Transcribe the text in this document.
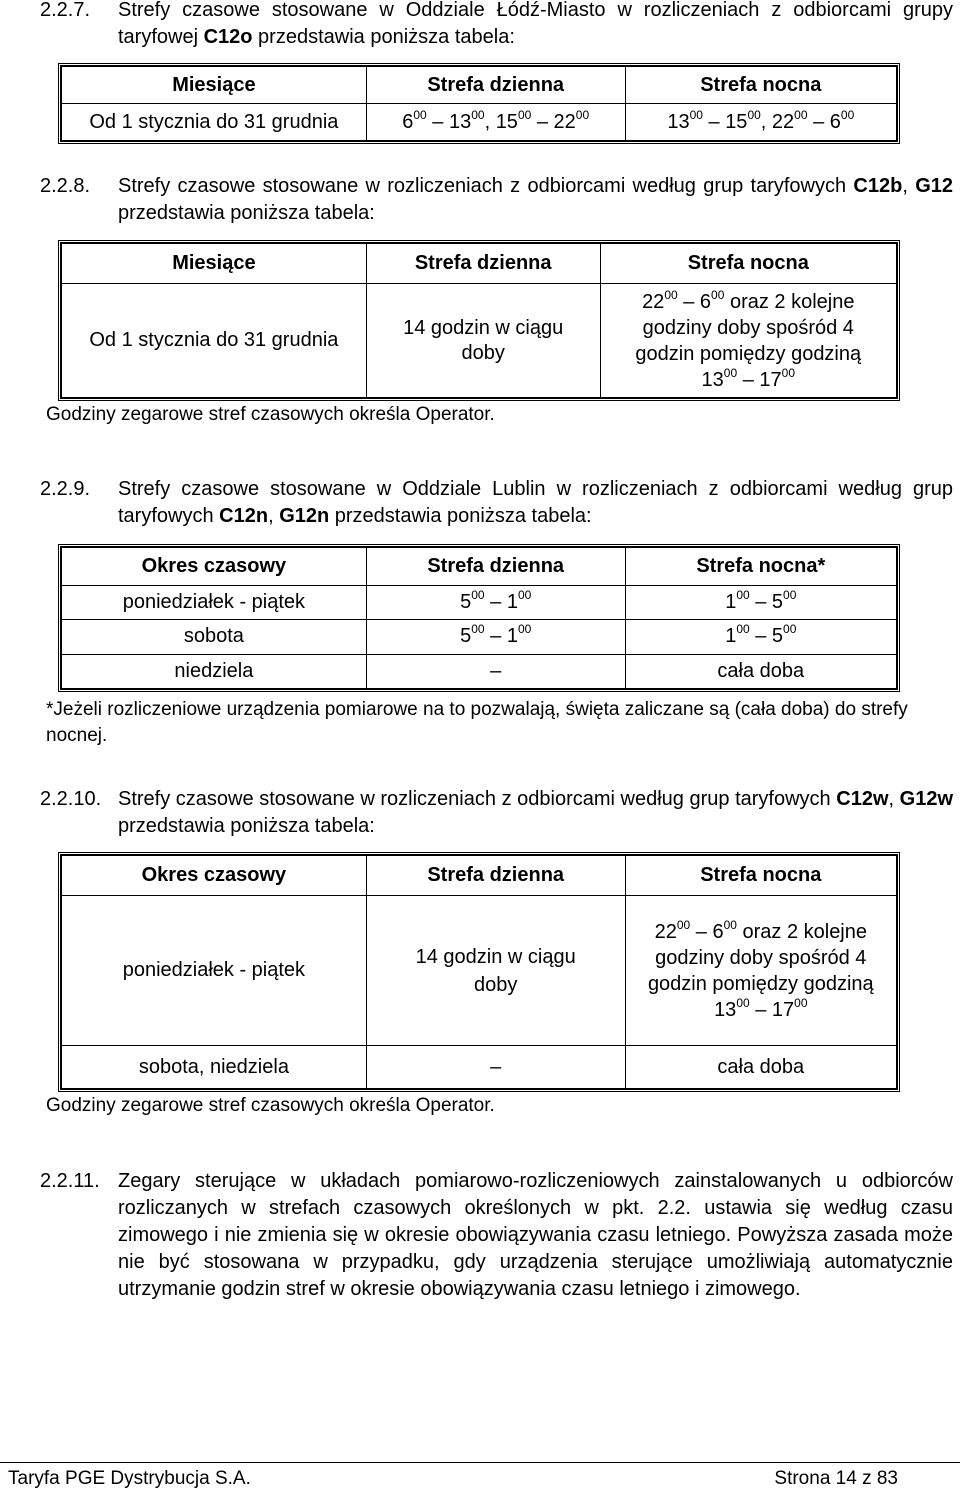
2.2.7. Strefy czasowe stosowane w Oddziale Łódź-Miasto w rozliczeniach z odbiorcami grupy taryfowej C12o przedstawia poniższa tabela:
Miesiące	Strefa dzienna	Strefa nocna
Od 1 stycznia do 31 grudnia	$6^{00} - 13^{00}$, $15^{00} - 22^{00}$	$13^{00} - 15^{00}$, $22^{00} - 6^{00}$
2.2.8. Strefy czasowe stosowane w rozliczeniach z odbiorcami według grup taryfowych C12b, G12 przedstawia poniższa tabela:
Miesiące	Strefa dzienna	Strefa nocna
Od 1 stycznia do 31 grudnia	14 godzin w ciągu doby	$22^{00} - 6^{00}$ oraz 2 kolejne godziny doby spośród 4 godzin pomiędzy godziną $13^{00} - 17^{00}$
Godziny zegarowe stref czasowych określa Operator.
2.2.9. Strefy czasowe stosowane w Oddziale Lublin w rozliczeniach z odbiorcami według grup taryfowych C12n, G12n przedstawia poniższa tabela:
Okres czasowy	Strefa dzienna	Strefa nocna*
poniedziałek - piątek	$5^{00} - 1^{00}$	$1^{00} - 5^{00}$
sobota	$5^{00} - 1^{00}$	$1^{00} - 5^{00}$
niedziela	–	cała doba
*Jeżeli rozliczeniowe urządzenia pomiarowe na to pozwalają, święta zaliczane są (cała doba) do strefy nocnej.
2.2.10. Strefy czasowe stosowane w rozliczeniach z odbiorcami według grup taryfowych C12w, G12w przedstawia poniższa tabela:
Okres czasowy	Strefa dzienna	Strefa nocna
poniedziałek - piątek	14 godzin w ciągu doby	$22^{00} - 6^{00}$ oraz 2 kolejne godziny doby spośród 4 godzin pomiędzy godziną $13^{00} - 17^{00}$

sobota, niedziela	–	cała doba
Godziny zegarowe stref czasowych określa Operator.
2.2.11. Zegary sterujące w układach pomiarowo-rozliczeniowych zainstalowanych u odbiorców rozliczanych w strefach czasowych określonych w pkt. 2.2. ustawia się według czasu zimowego i nie zmienia się w okresie obowiązywania czasu letniego. Powyższa zasada może nie być stosowana w przypadku, gdy urządzenia sterujące umożliwiają automatycznie utrzymanie godzin stref w okresie obowiązywania czasu letniego i zimowego.
Taryfa PGE Dystrybucja S.A.	Strona 14 z 83
